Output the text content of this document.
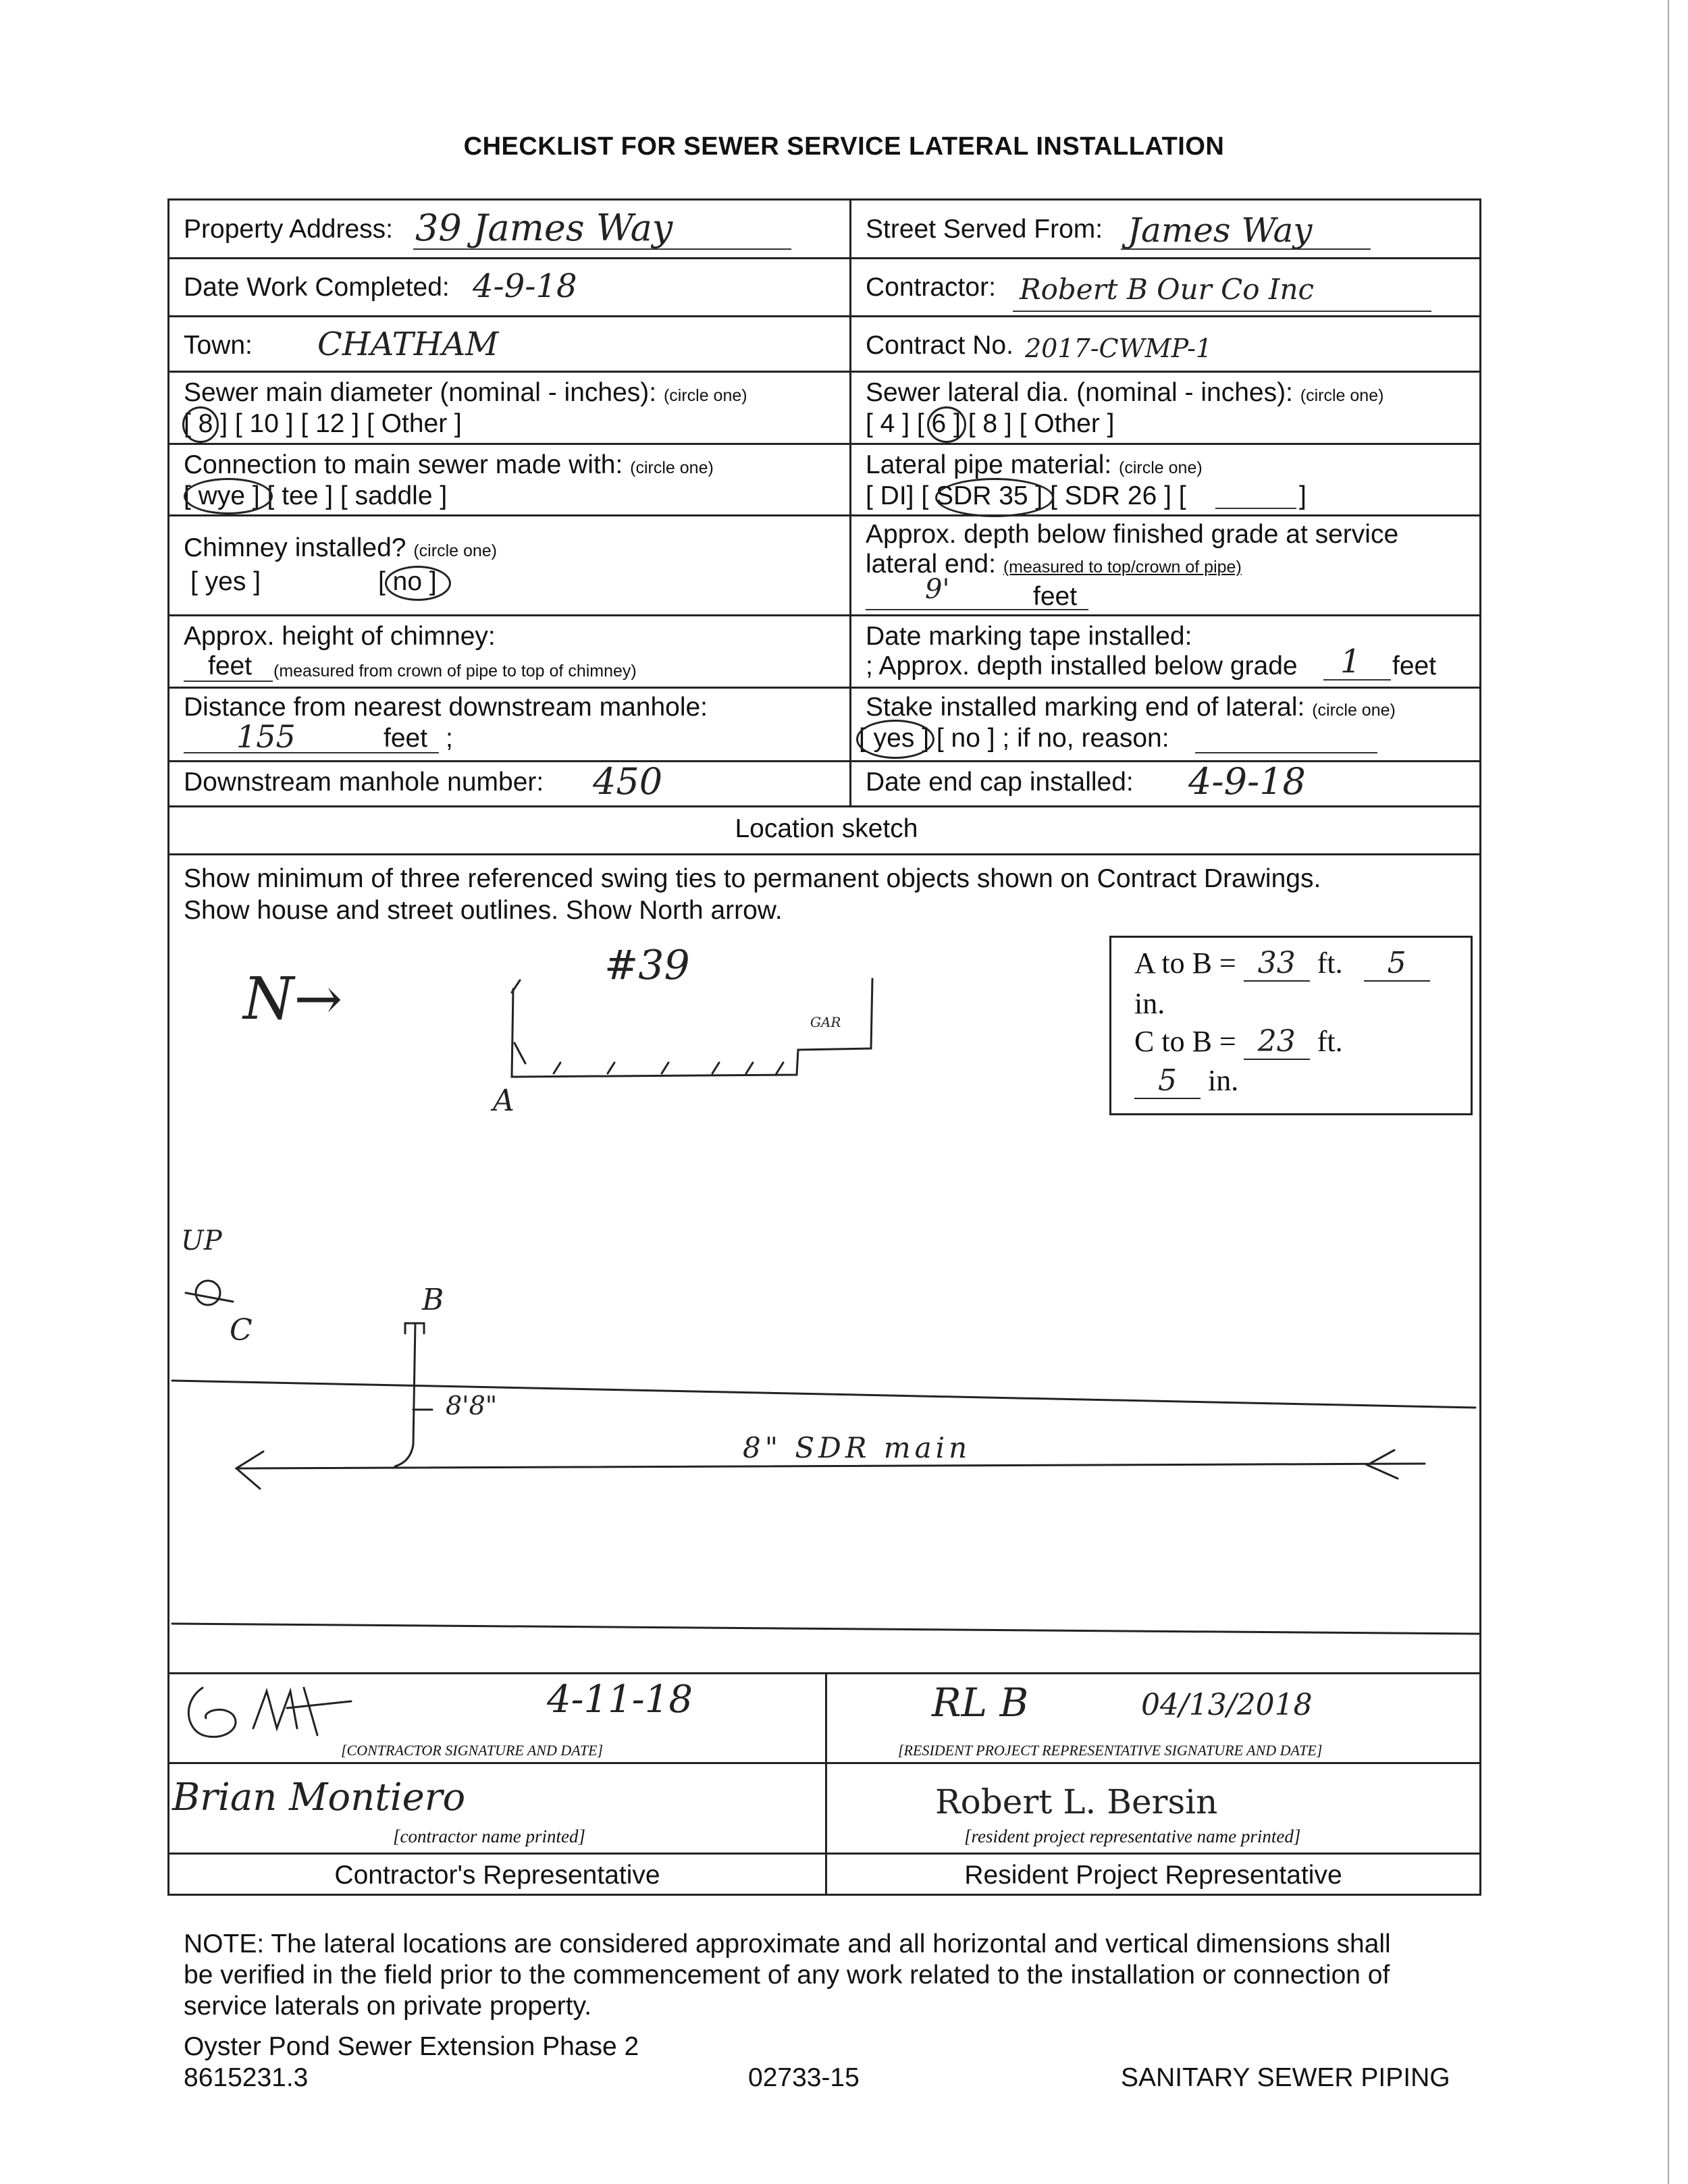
CHECKLIST FOR SEWER SERVICE LATERAL INSTALLATION
Property Address: 39 James Way	Street Served From: James Way
Date Work Completed: 4-9-18	Contractor: Robert B Our Co Inc
Town: CHATHAM	Contract No. 2017-CWMP-1
Sewer main diameter (nominal - inches): (circle one)
[ 8 ] [ 10 ] [ 12 ] [ Other ]
Sewer lateral dia. (nominal - inches): (circle one)
[ 4 ] [ 6 ] [ 8 ] [ Other ]
Connection to main sewer made with: (circle one)
[ wye ] [ tee ] [ saddle ]
Lateral pipe material: (circle one)
[ DI] [ SDR 35 ] [ SDR 26 ] [	]
Chimney installed? (circle one)
[ yes ]	[ no ]
Approx. depth below finished grade at service
lateral end: (measured to top/crown of pipe)
9'	feet
Approx. height of chimney:
feet (measured from crown of pipe to top of chimney)
Date marking tape installed:
; Approx. depth installed below grade 1 feet
Distance from nearest downstream manhole:
155	feet ;
Stake installed marking end of lateral: (circle one)
[ yes ] [ no ] ; if no, reason:
Downstream manhole number: 450	Date end cap installed: 4-9-18
Location sketch
Show minimum of three referenced swing ties to permanent objects shown on Contract Drawings.
Show house and street outlines. Show North arrow.
N→	#39
GAR
A
B
C
UP
8'8"
8" SDR main
A to B = 33 ft. 5
in.
C to B = 23 ft.
5 in.
4-11-18
[CONTRACTOR SIGNATURE AND DATE]
RL B	04/13/2018
[RESIDENT PROJECT REPRESENTATIVE SIGNATURE AND DATE]
Brian Montiero
[contractor name printed]
Robert L. Bersin
[resident project representative name printed]
Contractor's Representative	Resident Project Representative
NOTE: The lateral locations are considered approximate and all horizontal and vertical dimensions shall
be verified in the field prior to the commencement of any work related to the installation or connection of
service laterals on private property.
Oyster Pond Sewer Extension Phase 2
8615231.3	02733-15	SANITARY SEWER PIPING
